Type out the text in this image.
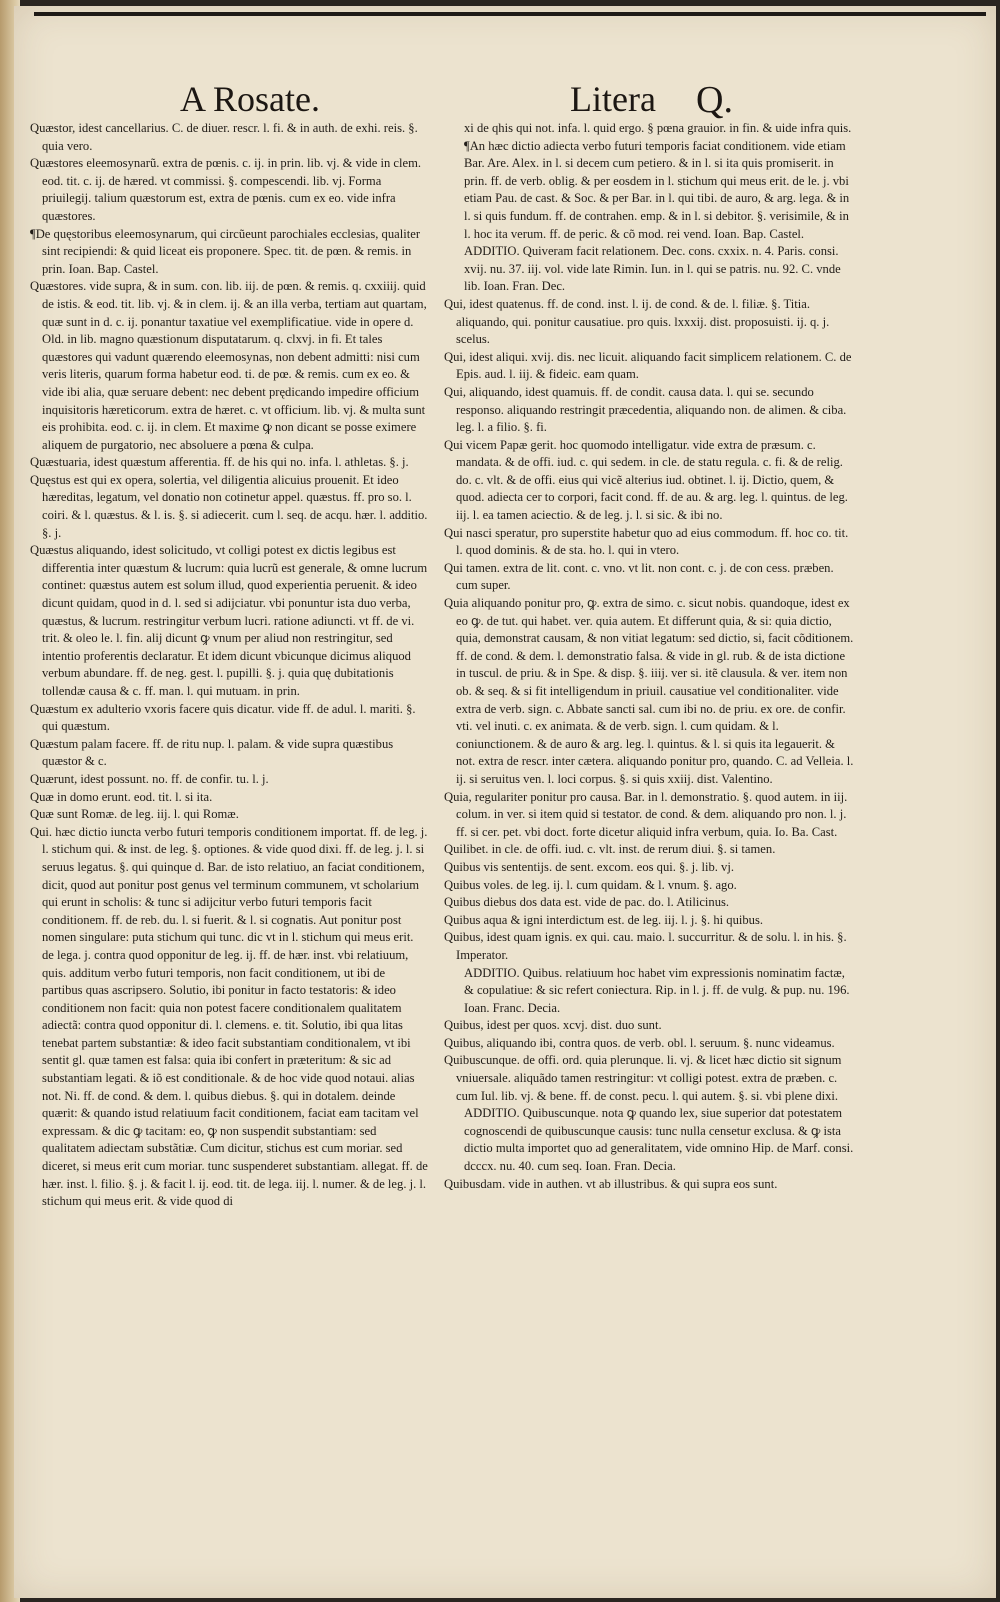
A Rosate.	Litera Q.

Quæstor, idest cancellarius. C. de diuer. rescr. l. fi. & in auth. de exhi. reis. §. quia vero.

Quæstores eleemosynarũ. extra de pœnis. c. ij. in prin. lib. vj. & vide in clem. eod. tit. c. ij. de hæred. vt commissi. §. compescendi. lib. vj. Forma priuilegij. talium quæstorum est, extra de pœnis. cum ex eo. vide infra quæstores.

¶De quęstoribus eleemosynarum, qui circũeunt parochiales ecclesias, qualiter sint recipiendi: & quid liceat eis proponere. Spec. tit. de pœn. & remis. in prin. Ioan. Bap. Castel.

Quæstores. vide supra, & in sum. con. lib. iij. de pœn. & remis. q. cxxiiij. quid de istis. & eod. tit. lib. vj. & in clem. ij. & an illa verba, tertiam aut quartam, quæ sunt in d. c. ij. ponantur taxatiue vel exemplificatiue. vide in opere d. Old. in lib. magno quæstionum disputatarum. q. clxvj. in fi. Et tales quæstores qui vadunt quærendo eleemosynas, non debent admitti: nisi cum veris literis, quarum forma habetur eod. ti. de pœ. & remis. cum ex eo. & vide ibi alia, quæ seruare debent: nec debent prędicando impedire officium inquisitoris hæreticorum. extra de hæret. c. vt officium. lib. vj. & multa sunt eis prohibita. eod. c. ij. in clem. Et maxime ꝙ non dicant se posse eximere aliquem de purgatorio, nec absoluere a pœna & culpa.

Quæstuaria, idest quæstum afferentia. ff. de his qui no. infa. l. athletas. §. j.

Quęstus est qui ex opera, solertia, vel diligentia alicuius prouenit. Et ideo hæreditas, legatum, vel donatio non cotinetur appel. quæstus. ff. pro so. l. coiri. & l. quæstus. & l. is. §. si adiecerit. cum l. seq. de acqu. hær. l. additio. §. j.

Quæstus aliquando, idest solicitudo, vt colligi potest ex dictis legibus est differentia inter quæstum & lucrum: quia lucrũ est generale, & omne lucrum continet: quæstus autem est solum illud, quod experientia peruenit. & ideo dicunt quidam, quod in d. l. sed si adijciatur. vbi ponuntur ista duo verba, quæstus, & lucrum. restringitur verbum lucri. ratione adiuncti. vt ff. de vi. trit. & oleo le. l. fin. alij dicunt ꝙ vnum per aliud non restringitur, sed intentio proferentis declaratur. Et idem dicunt vbicunque dicimus aliquod verbum abundare. ff. de neg. gest. l. pupilli. §. j. quia quę dubitationis tollendæ causa & c. ff. man. l. qui mutuam. in prin.

Quæstum ex adulterio vxoris facere quis dicatur. vide ff. de adul. l. mariti. §. qui quæstum.

Quæstum palam facere. ff. de ritu nup. l. palam. & vide supra quæstibus quæstor & c.

Quærunt, idest possunt. no. ff. de confir. tu. l. j.

Quæ in domo erunt. eod. tit. l. si ita.

Quæ sunt Romæ. de leg. iij. l. qui Romæ.

Qui. hæc dictio iuncta verbo futuri temporis conditionem importat. ff. de leg. j. l. stichum qui. & inst. de leg. §. optiones. & vide quod dixi. ff. de leg. j. l. si seruus legatus. §. qui quinque d. Bar. de isto relatiuo, an faciat conditionem, dicit, quod aut ponitur post genus vel terminum communem, vt scholarium qui erunt in scholis: & tunc si adijcitur verbo futuri temporis facit conditionem. ff. de reb. du. l. si fuerit. & l. si cognatis. Aut ponitur post nomen singulare: puta stichum qui tunc. dic vt in l. stichum qui meus erit. de lega. j. contra quod opponitur de leg. ij. ff. de hær. inst. vbi relatiuum, quis. additum verbo futuri temporis, non facit conditionem, ut ibi de partibus quas ascripsero. Solutio, ibi ponitur in facto testatoris: & ideo conditionem non facit: quia non potest facere conditionalem qualitatem adiectã: contra quod opponitur di. l. clemens. e. tit. Solutio, ibi qua litas tenebat partem substantiæ: & ideo facit substantiam conditionalem, vt ibi sentit gl. quæ tamen est falsa: quia ibi confert in præteritum: & sic ad substantiam legati. & iõ est conditionale. & de hoc vide quod notaui. alias not. Ni. ff. de cond. & dem. l. quibus diebus. §. qui in dotalem. deinde quærit: & quando istud relatiuum facit conditionem, faciat eam tacitam vel expressam. & dic ꝙ tacitam: eo, ꝙ non suspendit substantiam: sed qualitatem adiectam substãtiæ. Cum dicitur, stichus est cum moriar. sed diceret, si meus erit cum moriar. tunc suspenderet substantiam. allegat. ff. de hær. inst. l. filio. §. j. & facit l. ij. eod. tit. de lega. iij. l. numer. & de leg. j. l. stichum qui meus erit. & vide quod di

xi de qhis qui not. infa. l. quid ergo. § pœna grauior. in fin. & uide infra quis.

¶An hæc dictio adiecta verbo futuri temporis faciat conditionem. vide etiam Bar. Are. Alex. in l. si decem cum petiero. & in l. si ita quis promiserit. in prin. ff. de verb. oblig. & per eosdem in l. stichum qui meus erit. de le. j. vbi etiam Pau. de cast. & Soc. & per Bar. in l. qui tibi. de auro, & arg. lega. & in l. si quis fundum. ff. de contrahen. emp. & in l. si debitor. §. verisimile, & in l. hoc ita verum. ff. de peric. & cõ mod. rei vend. Ioan. Bap. Castel.

ADDITIO. Quiveram facit relationem. Dec. cons. cxxix. n. 4. Paris. consi. xvij. nu. 37. iij. vol. vide late Rimin. Iun. in l. qui se patris. nu. 92. C. vnde lib. Ioan. Fran. Dec.

Qui, idest quatenus. ff. de cond. inst. l. ij. de cond. & de. l. filiæ. §. Titia. aliquando, qui. ponitur causatiue. pro quis. lxxxij. dist. proposuisti. ij. q. j. scelus.

Qui, idest aliqui. xvij. dis. nec licuit. aliquando facit simplicem relationem. C. de Epis. aud. l. iij. & fideic. eam quam.

Qui, aliquando, idest quamuis. ff. de condit. causa data. l. qui se. secundo responso. aliquando restringit præcedentia, aliquando non. de alimen. & ciba. leg. l. a filio. §. fi.

Qui vicem Papæ gerit. hoc quomodo intelligatur. vide extra de præsum. c. mandata. & de offi. iud. c. qui sedem. in cle. de statu regula. c. fi. & de relig. do. c. vlt. & de offi. eius qui vicẽ alterius iud. obtinet. l. ij. Dictio, quem, & quod. adiecta cer to corpori, facit cond. ff. de au. & arg. leg. l. quintus. de leg. iij. l. ea tamen aciectio. & de leg. j. l. si sic. & ibi no.

Qui nasci speratur, pro superstite habetur quo ad eius commodum. ff. hoc co. tit. l. quod dominis. & de sta. ho. l. qui in vtero.

Qui tamen. extra de lit. cont. c. vno. vt lit. non cont. c. j. de con cess. præben. cum super.

Quia aliquando ponitur pro, ꝙ. extra de simo. c. sicut nobis. quandoque, idest ex eo ꝙ. de tut. qui habet. ver. quia autem. Et differunt quia, & si: quia dictio, quia, demonstrat causam, & non vitiat legatum: sed dictio, si, facit cõditionem. ff. de cond. & dem. l. demonstratio falsa. & vide in gl. rub. & de ista dictione in tuscul. de priu. & in Spe. & disp. §. iiij. ver si. itẽ clausula. & ver. item non ob. & seq. & si fit intelligendum in priuil. causatiue vel conditionaliter. vide extra de verb. sign. c. Abbate sancti sal. cum ibi no. de priu. ex ore. de confir. vti. vel inuti. c. ex animata. & de verb. sign. l. cum quidam. & l. coniunctionem. & de auro & arg. leg. l. quintus. & l. si quis ita legauerit. & not. extra de rescr. inter cætera. aliquando ponitur pro, quando. C. ad Velleia. l. ij. si seruitus ven. l. loci corpus. §. si quis xxiij. dist. Valentino.

Quia, regulariter ponitur pro causa. Bar. in l. demonstratio. §. quod autem. in iij. colum. in ver. si item quid si testator. de cond. & dem. aliquando pro non. l. j. ff. si cer. pet. vbi doct. forte dicetur aliquid infra verbum, quia. Io. Ba. Cast.

Quilibet. in cle. de offi. iud. c. vlt. inst. de rerum diui. §. si tamen.

Quibus vis sententijs. de sent. excom. eos qui. §. j. lib. vj.

Quibus voles. de leg. ij. l. cum quidam. & l. vnum. §. ago.

Quibus diebus dos data est. vide de pac. do. l. Atilicinus.

Quibus aqua & igni interdictum est. de leg. iij. l. j. §. hi quibus.

Quibus, idest quam ignis. ex qui. cau. maio. l. succurritur. & de solu. l. in his. §. Imperator.

ADDITIO. Quibus. relatiuum hoc habet vim expressionis nominatim factæ, & copulatiue: & sic refert coniectura. Rip. in l. j. ff. de vulg. & pup. nu. 196. Ioan. Franc. Decia.

Quibus, idest per quos. xcvj. dist. duo sunt.

Quibus, aliquando ibi, contra quos. de verb. obl. l. seruum. §. nunc videamus.

Quibuscunque. de offi. ord. quia plerunque. li. vj. & licet hæc dictio sit signum vniuersale. aliquãdo tamen restringitur: vt colligi potest. extra de præben. c. cum Iul. lib. vj. & bene. ff. de const. pecu. l. qui autem. §. si. vbi plene dixi.

ADDITIO. Quibuscunque. nota ꝙ quando lex, siue superior dat potestatem cognoscendi de quibuscunque causis: tunc nulla censetur exclusa. & ꝙ ista dictio multa importet quo ad generalitatem, vide omnino Hip. de Marf. consi. dcccx. nu. 40. cum seq. Ioan. Fran. Decia.

Quibusdam. vide in authen. vt ab illustribus. & qui supra eos sunt.
